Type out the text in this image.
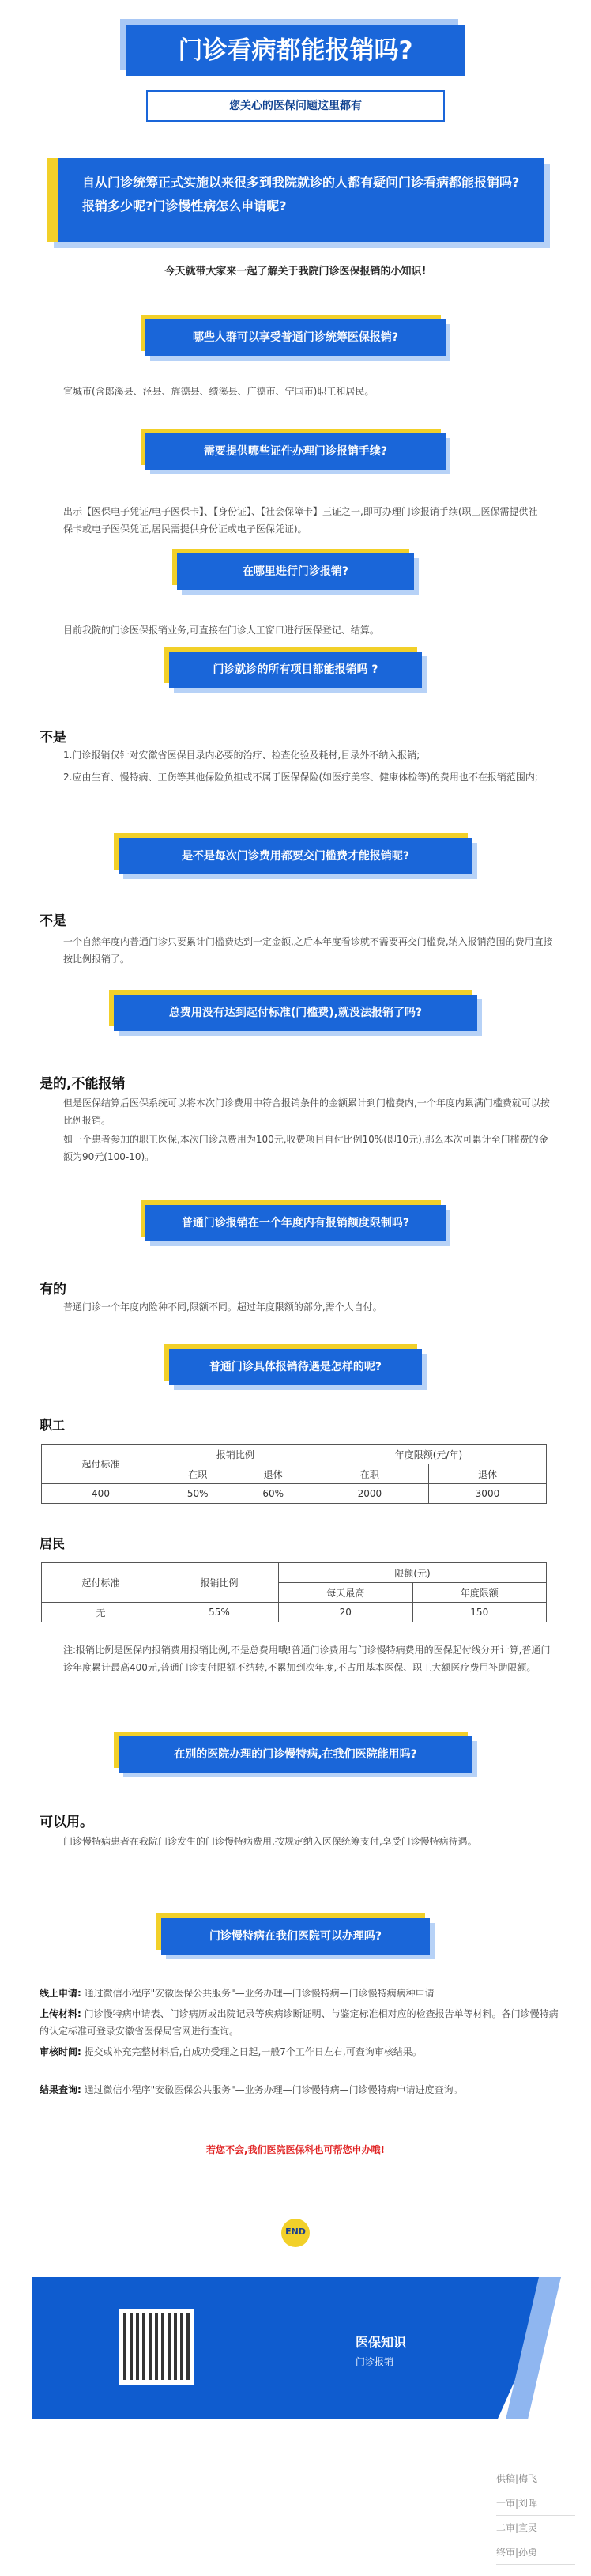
门诊看病都能报销吗?
您关心的医保问题这里都有
自从门诊统筹正式实施以来很多到我院就诊的人都有疑问门诊看病都能报销吗?报销多少呢?门诊慢性病怎么申请呢?
今天就带大家来一起了解关于我院门诊医保报销的小知识!
哪些人群可以享受普通门诊统筹医保报销?
宣城市(含郎溪县、泾县、旌德县、绩溪县、广德市、宁国市)职工和居民。
需要提供哪些证件办理门诊报销手续?
出示【医保电子凭证/电子医保卡】、【身份证】、【社会保障卡】三证之一,即可办理门诊报销手续(职工医保需提供社保卡或电子医保凭证,居民需提供身份证或电子医保凭证)。
在哪里进行门诊报销?
目前我院的门诊医保报销业务,可直接在门诊人工窗口进行医保登记、结算。
门诊就诊的所有项目都能报销吗 ?
不是
1.门诊报销仅针对安徽省医保目录内必要的治疗、检查化验及耗材,目录外不纳入报销;
2.应由生育、慢特病、工伤等其他保险负担或不属于医保保险(如医疗美容、健康体检等)的费用也不在报销范围内;
是不是每次门诊费用都要交门槛费才能报销呢?
不是
一个自然年度内普通门诊只要累计门槛费达到一定金额,之后本年度看诊就不需要再交门槛费,纳入报销范围的费用直接按比例报销了。
总费用没有达到起付标准(门槛费),就没法报销了吗?
是的,不能报销
但是医保结算后医保系统可以将本次门诊费用中符合报销条件的金额累计到门槛费内,一个年度内累满门槛费就可以按比例报销。
如一个患者参加的职工医保,本次门诊总费用为100元,收费项目自付比例10%(即10元),那么本次可累计至门槛费的金额为90元(100-10)。
普通门诊报销在一个年度内有报销额度限制吗?
有的
普通门诊一个年度内险种不同,限额不同。超过年度限额的部分,需个人自付。
普通门诊具体报销待遇是怎样的呢?
职工
起付标准	报销比例		年度限额(元/年)	
	在职	退休	在职	退休
400	50%	60%	2000	3000
居民
起付标准	报销比例	限额(元)	
		每天最高	年度限额
无	55%	20	150
注:报销比例是医保内报销费用报销比例,不是总费用哦!普通门诊费用与门诊慢特病费用的医保起付线分开计算,普通门诊年度累计最高400元,普通门诊支付限额不结转,不累加到次年度,不占用基本医保、职工大额医疗费用补助限额。
在别的医院办理的门诊慢特病,在我们医院能用吗?
可以用。
门诊慢特病患者在我院门诊发生的门诊慢特病费用,按规定纳入医保统筹支付,享受门诊慢特病待遇。
门诊慢特病在我们医院可以办理吗?
线上申请: 通过微信小程序"安徽医保公共服务"—业务办理—门诊慢特病—门诊慢特病病种申请
上传材料: 门诊慢特病申请表、门诊病历或出院记录等疾病诊断证明、与鉴定标准相对应的检查报告单等材料。各门诊慢特病的认定标准可登录安徽省医保局官网进行查询。
审核时间: 提交或补充完整材料后,自成功受理之日起,一般7个工作日左右,可查询审核结果。
结果查询: 通过微信小程序"安徽医保公共服务"—业务办理—门诊慢特病—门诊慢特病申请进度查询。
若您不会,我们医院医保科也可帮您申办哦!
END
医保知识
门诊报销
供稿|梅飞
一审|刘晖
二审|宣灵
终审|孙勇
